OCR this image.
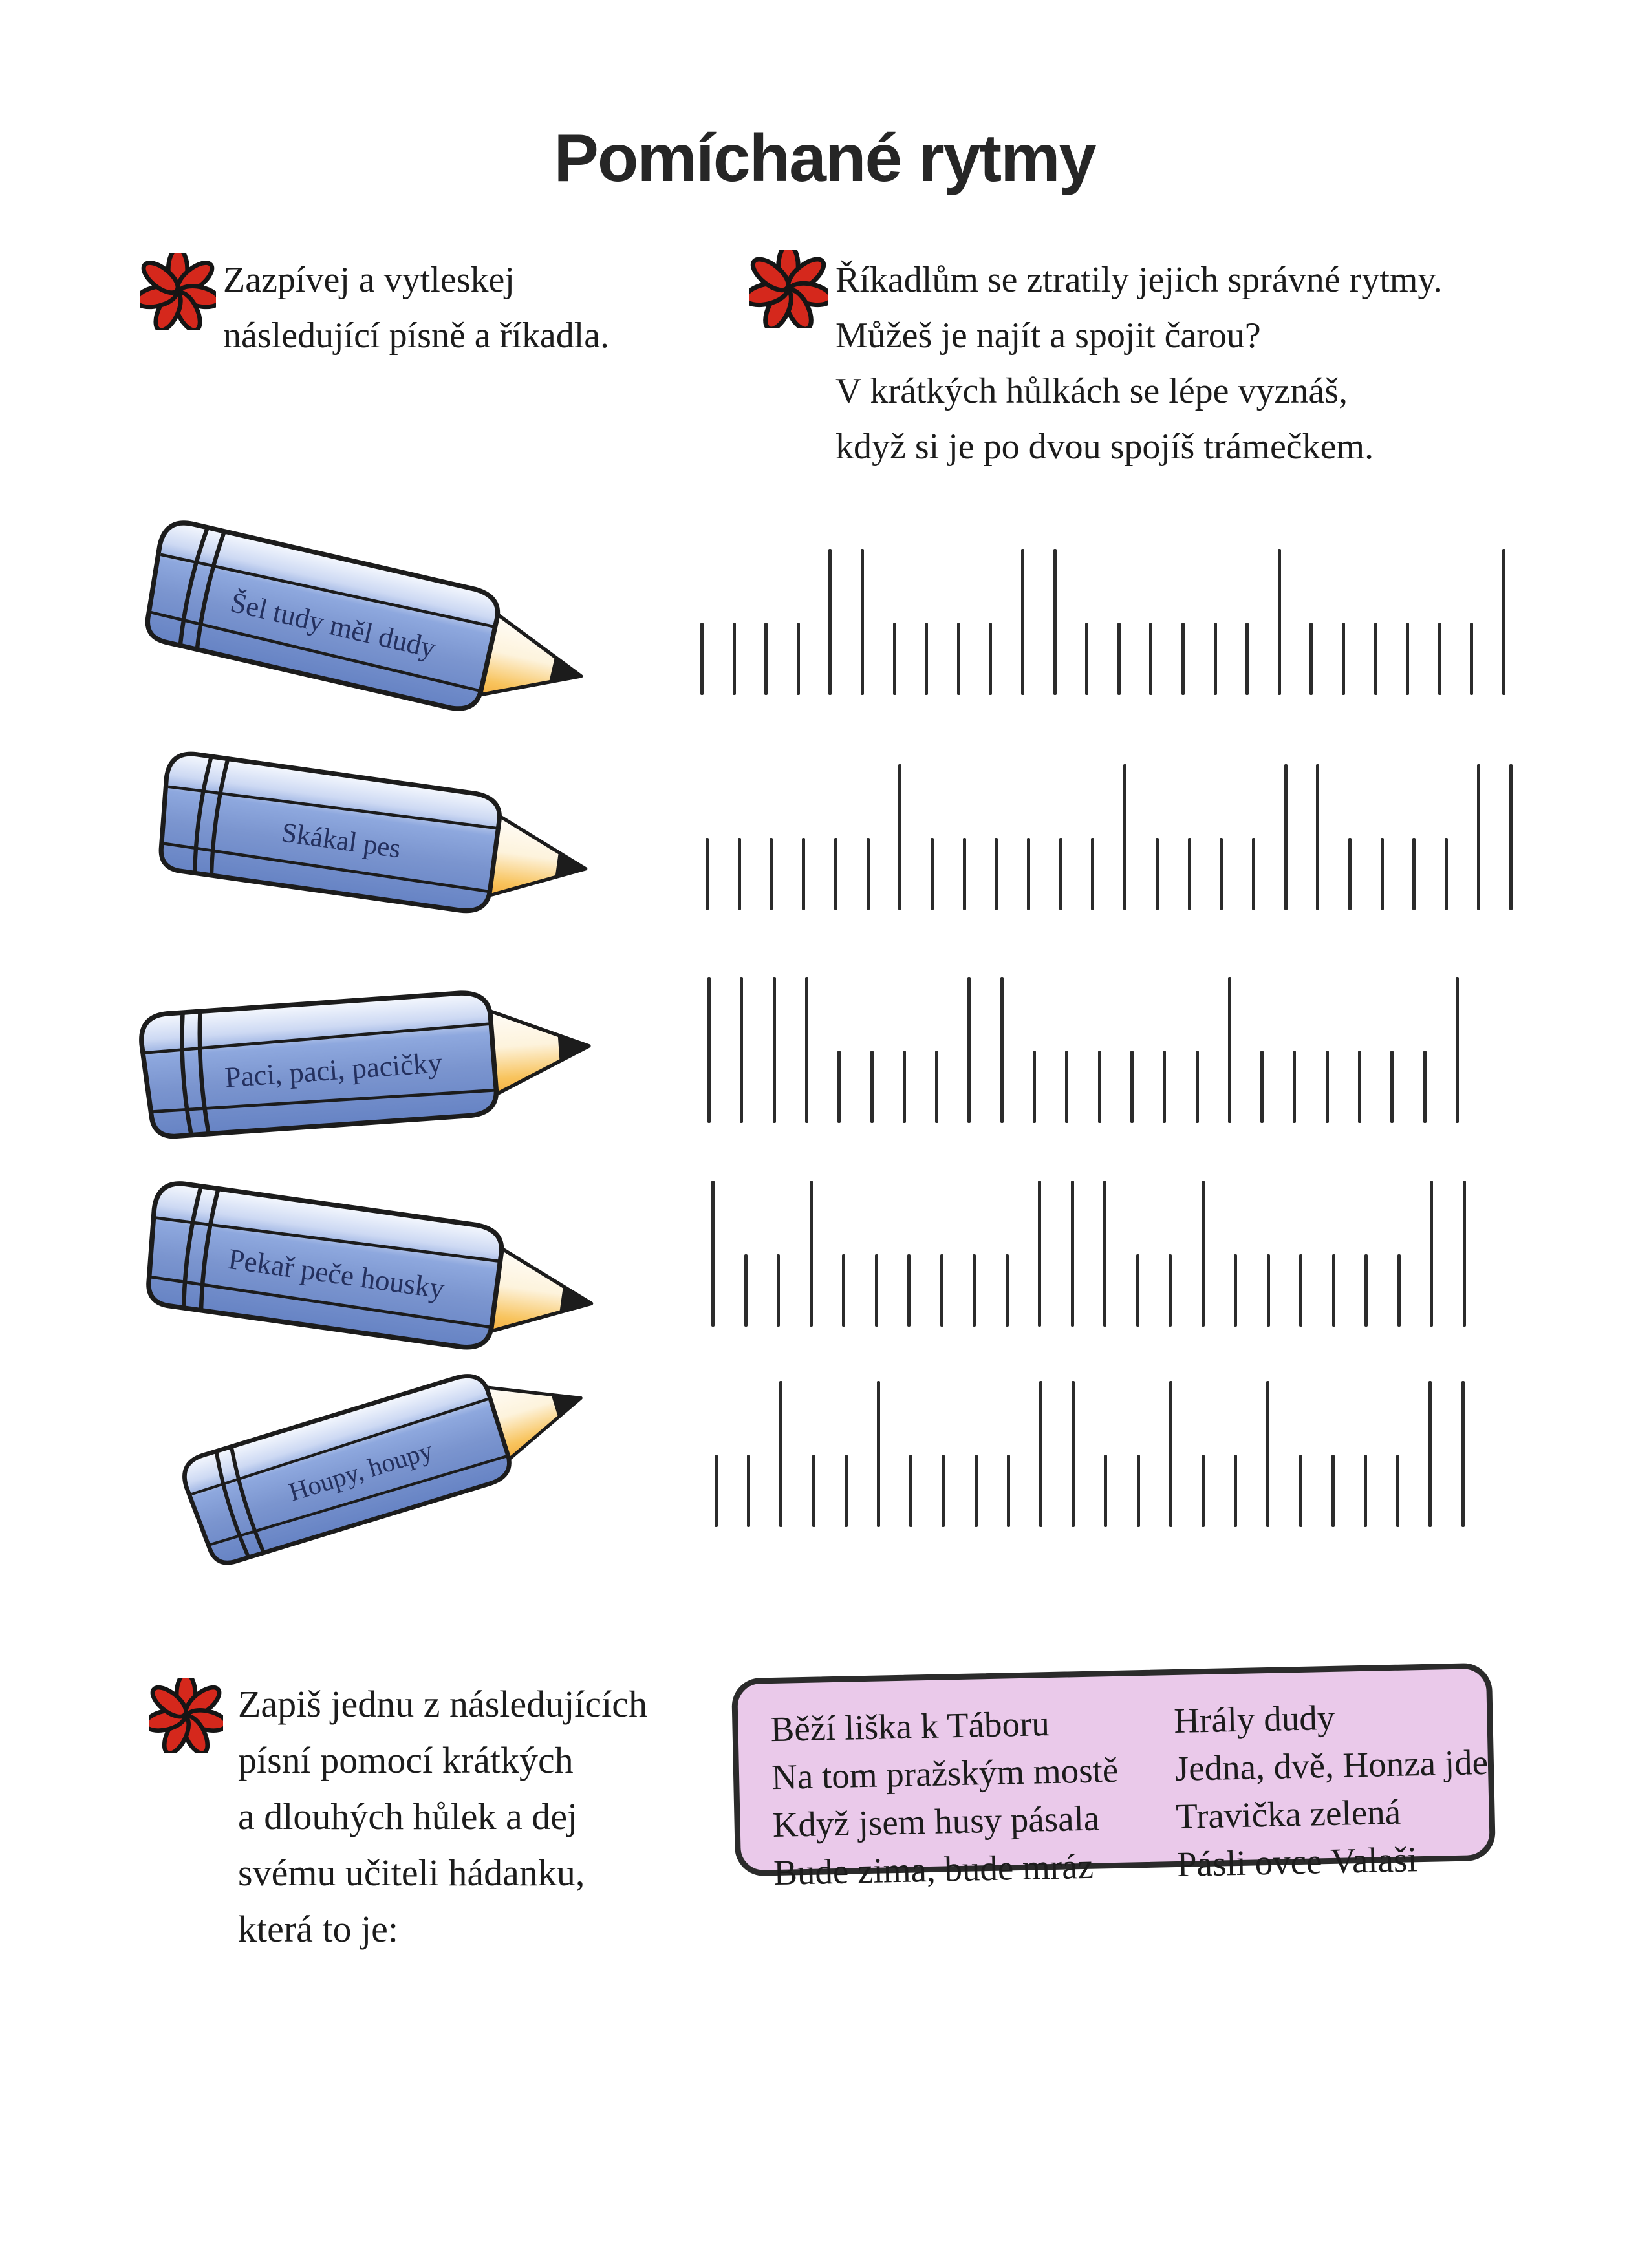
Pomíchané rytmy
Zazpívej a vytleskej
následující písně a říkadla.
Říkadlům se ztratily jejich správné rytmy.
Můžeš je najít a spojit čarou?
V krátkých hůlkách se lépe vyznáš,
když si je po dvou spojíš trámečkem.
Šel tudy měl dudy
Skákal pes
Paci, paci, pacičky
Pekař peče housky
Houpy, houpy
Zapiš jednu z následujících
písní pomocí krátkých
a dlouhých hůlek a dej
svému učiteli hádanku,
která to je:
Běží liška k Táboru
Na tom pražským mostě
Když jsem husy pásala
Bude zima, bude mráz
Hrály dudy
Jedna, dvě, Honza jde
Travička zelená
Pásli ovce Valaši
